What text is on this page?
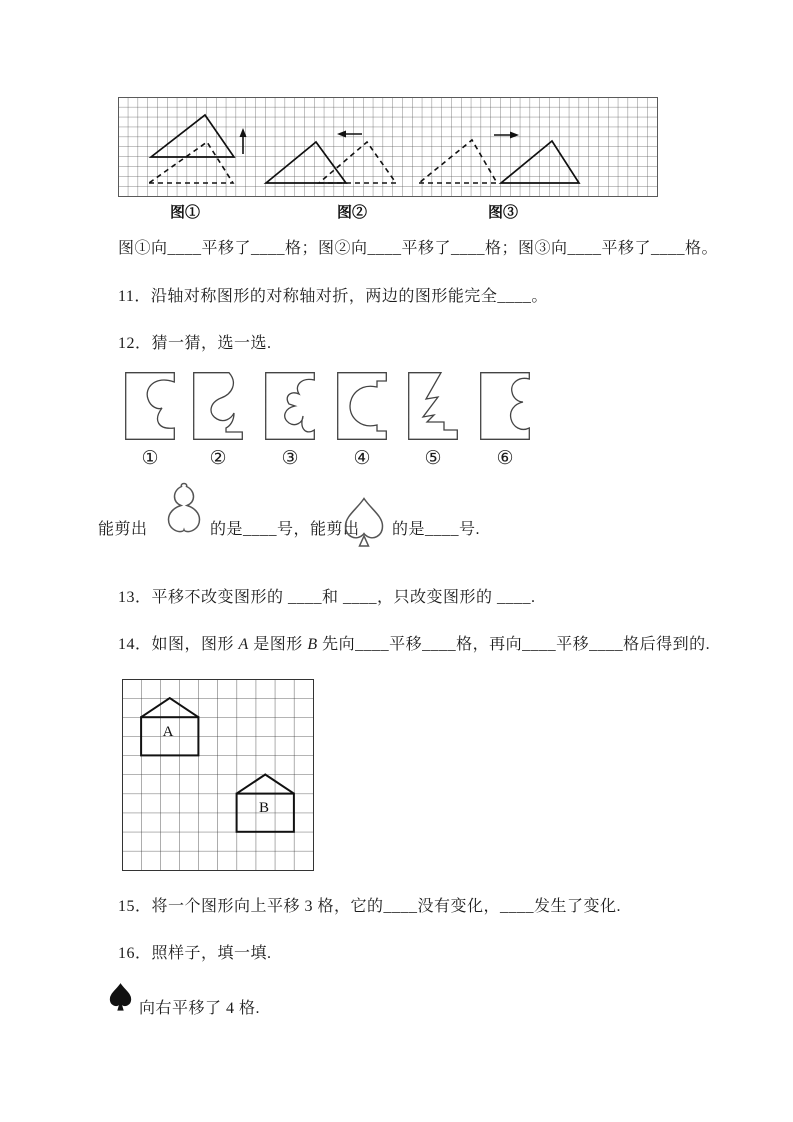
图①	图②	图③
图①向____平移了____格；图②向____平移了____格；图③向____平移了____格。
11．沿轴对称图形的对称轴对折，两边的图形能完全____。
12．猜一猜，选一选.
①	②	③	④	⑤	⑥
能剪出	的是____号，能剪出 的是____号.
13．平移不改变图形的 ____和 ____，只改变图形的 ____.
14．如图，图形 A 是图形 B 先向____平移____格，再向____平移____格后得到的.
A
B
15．将一个图形向上平移 3 格，它的____没有变化，____发生了变化.
16．照样子，填一填.
向右平移了 4 格.
